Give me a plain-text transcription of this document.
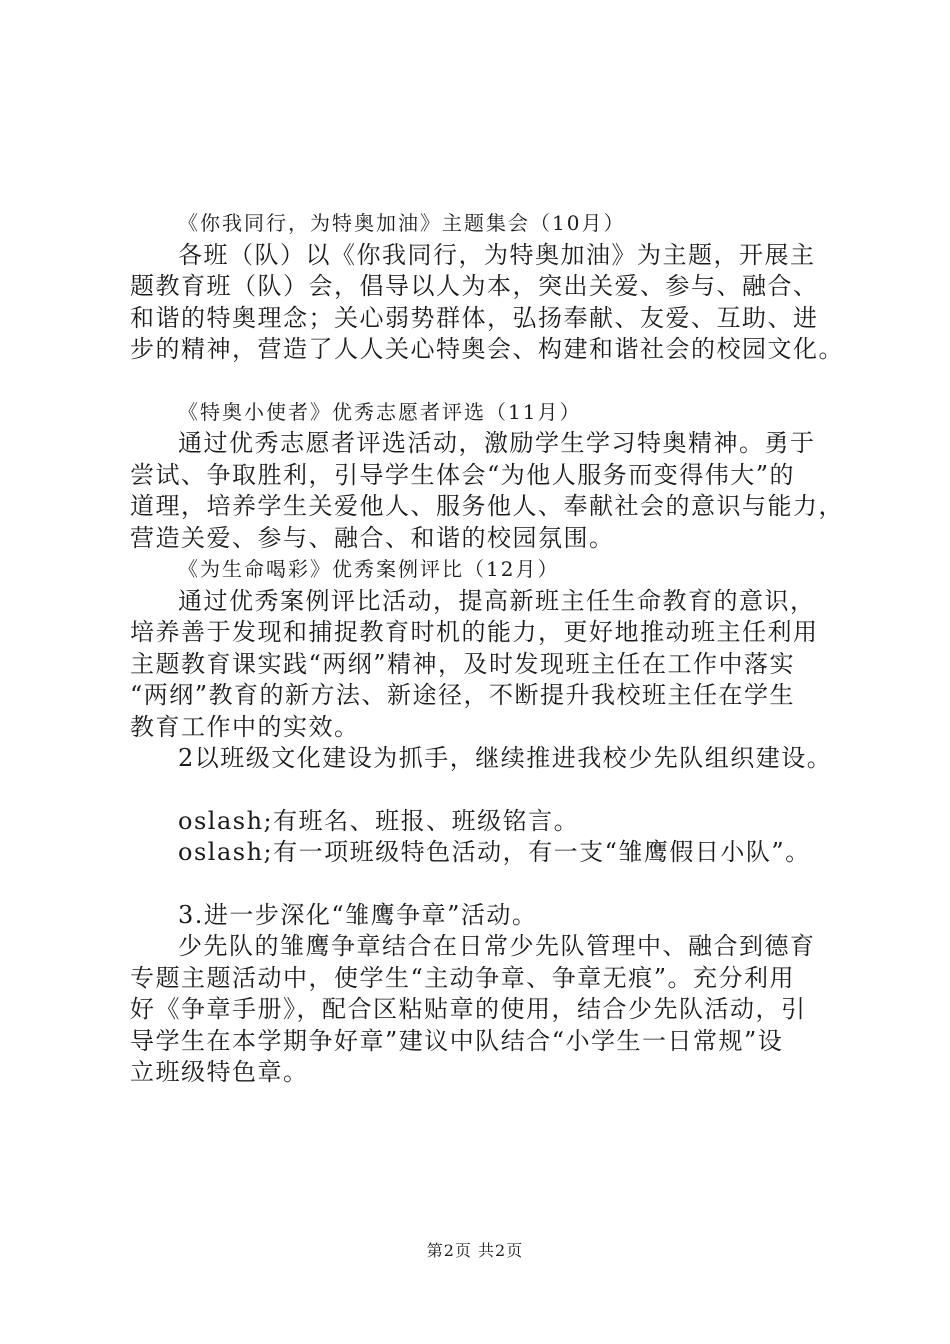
《你我同行，为特奥加油》主题集会（10月）
各班（队）以《你我同行，为特奥加油》为主题，开展主
题教育班（队）会，倡导以人为本，突出关爱、参与、融合、
和谐的特奥理念；关心弱势群体，弘扬奉献、友爱、互助、进
步的精神，营造了人人关心特奥会、构建和谐社会的校园文化。
《特奥小使者》优秀志愿者评选（11月）
通过优秀志愿者评选活动，激励学生学习特奥精神。勇于
尝试、争取胜利，引导学生体会“为他人服务而变得伟大”的
道理，培养学生关爱他人、服务他人、奉献社会的意识与能力，
营造关爱、参与、融合、和谐的校园氛围。
《为生命喝彩》优秀案例评比（12月）
通过优秀案例评比活动，提高新班主任生命教育的意识，
培养善于发现和捕捉教育时机的能力，更好地推动班主任利用
主题教育课实践“两纲”精神，及时发现班主任在工作中落实
“两纲”教育的新方法、新途径，不断提升我校班主任在学生
教育工作中的实效。
2以班级文化建设为抓手，继续推进我校少先队组织建设。
oslash;有班名、班报、班级铭言。
oslash;有一项班级特色活动，有一支“雏鹰假日小队”。
3.进一步深化“雏鹰争章”活动。
少先队的雏鹰争章结合在日常少先队管理中、融合到德育
专题主题活动中，使学生“主动争章、争章无痕”。充分利用
好《争章手册》，配合区粘贴章的使用，结合少先队活动，引
导学生在本学期争好章”建议中队结合“小学生一日常规”设
立班级特色章。
第2页 共2页
